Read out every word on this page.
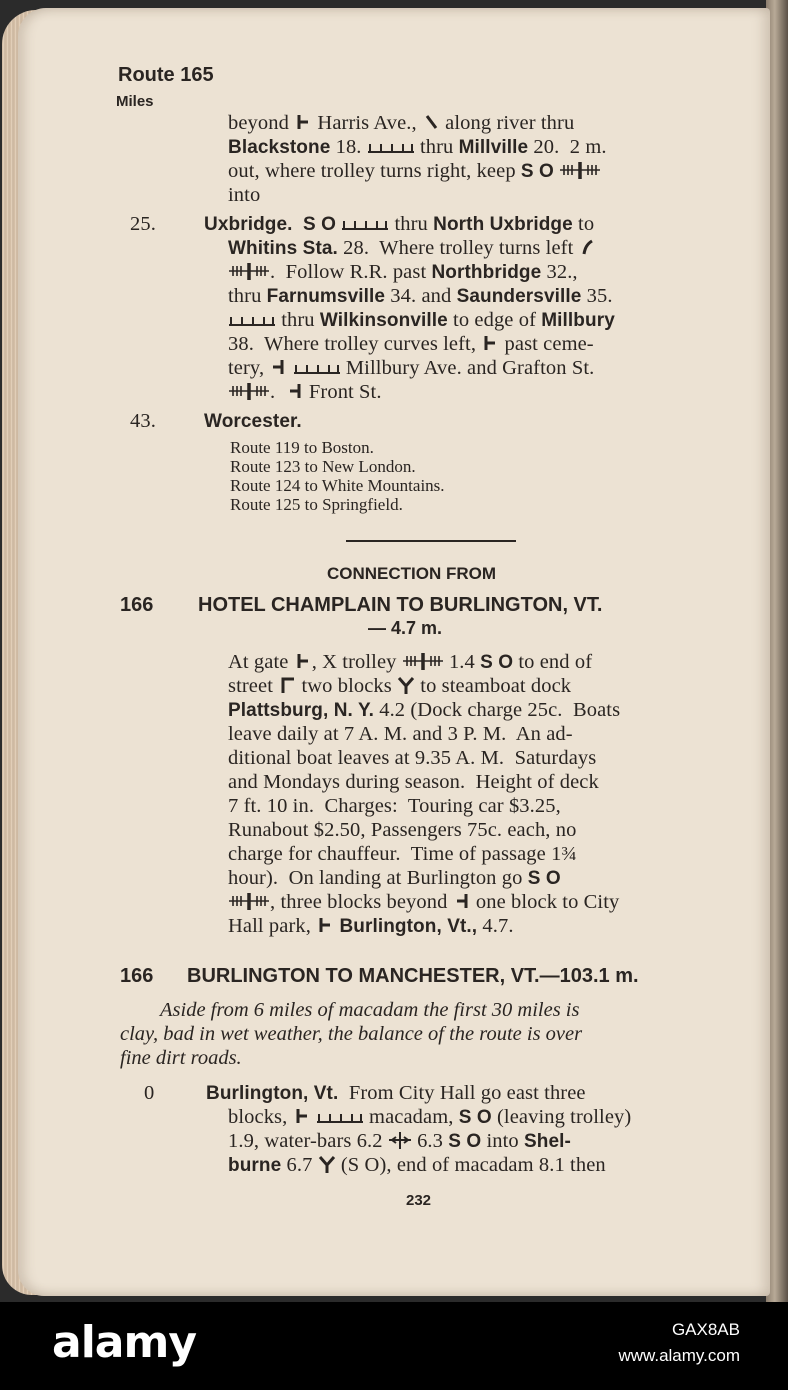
Route 165
Miles
beyond  Harris Ave.,  along river thru
Blackstone 18.  thru Millville 20.  2 m.
out, where trolley turns right, keep S O
into
25.	Uxbridge. S O	thru North Uxbridge to
Whitins Sta. 28.  Where trolley turns left
.  Follow R.R. past Northbridge 32.,
thru Farnumsville 34. and Saundersville 35.
thru Wilkinsonville to edge of Millbury
38.  Where trolley curves left,  past ceme-
tery,	Millbury Ave. and Grafton St.
.   Front St.
43.	Worcester.
Route 119 to Boston.
Route 123 to New London.
Route 124 to White Mountains.
Route 125 to Springfield.
CONNECTION FROM
166 HOTEL CHAMPLAIN TO BURLINGTON, VT.
— 4.7 m.
At gate , X trolley  1.4 S O to end of
street  two blocks  to steamboat dock
Plattsburg, N. Y. 4.2 (Dock charge 25c.  Boats
leave daily at 7 A. M. and 3 P. M.  An ad-
ditional boat leaves at 9.35 A. M.  Saturdays
and Mondays during season.  Height of deck
7 ft. 10 in.  Charges:  Touring car $3.25,
Runabout $2.50, Passengers 75c. each, no
charge for chauffeur.  Time of passage 1¾
hour).  On landing at Burlington go S O
, three blocks beyond  one block to City
Hall park,  Burlington, Vt., 4.7.
166 BURLINGTON TO MANCHESTER, VT.—103.1 m.
Aside from 6 miles of macadam the first 30 miles is
clay, bad in wet weather, the balance of the route is over
fine dirt roads.
0	Burlington, Vt.  From City Hall go east three
blocks,	macadam, S O (leaving trolley)
1.9, water-bars 6.2  6.3 S O into Shel-
burne 6.7  (S O), end of macadam 8.1 then
232
alamy	GAX8AB
www.alamy.com
